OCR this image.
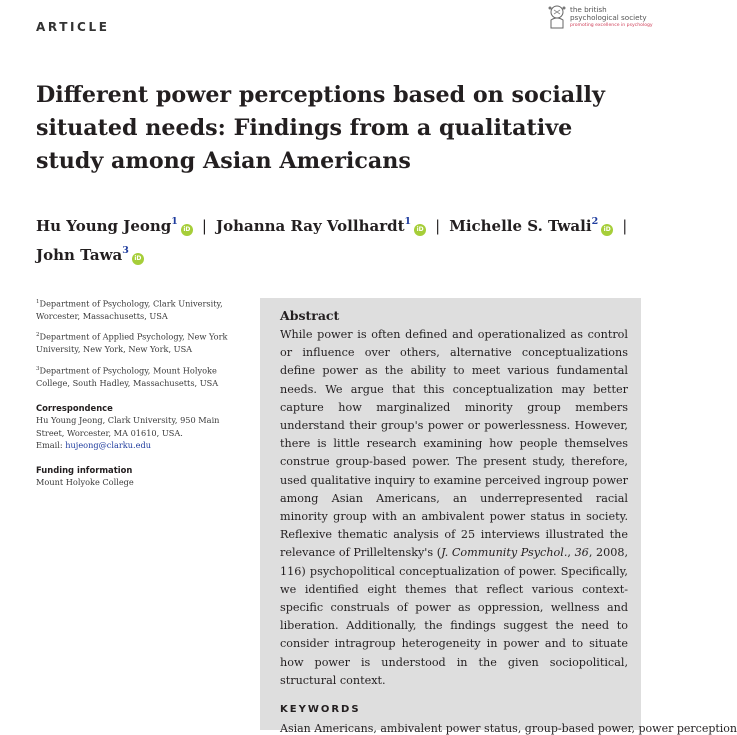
ARTICLE
the british
psychological society
promoting excellence in psychology
Different power perceptions based on socially situated needs: Findings from a qualitative study among Asian Americans
Hu Young Jeong$^1$iD | Johanna Ray Vollhardt$^1$iD | Michelle S. Twali$^2$iD |
John Tawa$^3$iD

$^1$Department of Psychology, Clark University, Worcester, Massachusetts, USA

$^2$Department of Applied Psychology, New York University, New York, New York, USA

$^3$Department of Psychology, Mount Holyoke College, South Hadley, Massachusetts, USA

Correspondence

Hu Young Jeong, Clark University, 950 Main
Street, Worcester, MA 01610, USA.
Email: hujeong@clarku.edu

Funding information

Mount Holyoke College
Abstract

While power is often defined and operationalized as control or influence over others, alternative conceptualizations define power as the ability to meet various fundamental needs. We argue that this conceptualization may better capture how marginalized minority group members understand their group's power or powerlessness. However, there is little research examining how people themselves construe group-based power. The present study, therefore, used qualitative inquiry to examine perceived ingroup power among Asian Americans, an underrepresented racial minority group with an ambivalent power status in society. Reflexive thematic analysis of 25 interviews illustrated the relevance of Prilleltensky's (J. Community Psychol., 36, 2008, 116) psychopolitical conceptualization of power. Specifically, we identified eight themes that reflect various context-specific construals of power as oppression, wellness and liberation. Additionally, the findings suggest the need to consider intragroup heterogeneity in power and to situate how power is understood in the given sociopolitical, structural context.

KEYWORDS
Asian Americans, ambivalent power status, group-based power, power perception
